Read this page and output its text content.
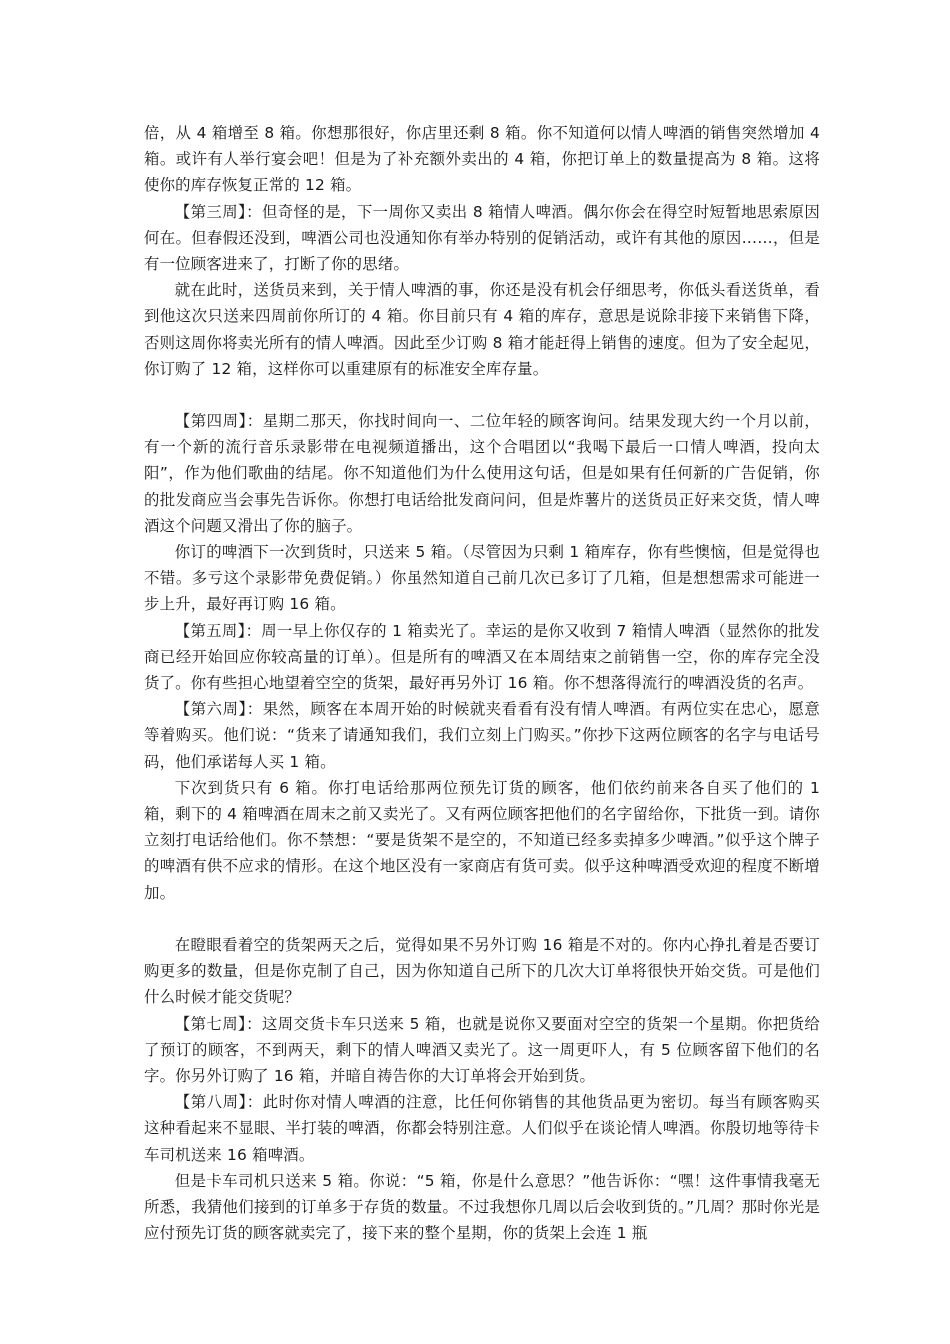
倍，从 4 箱增至 8 箱。你想那很好，你店里还剩 8 箱。你不知道何以情人啤酒的销售突然增加 4 箱。或许有人举行宴会吧！但是为了补充额外卖出的 4 箱，你把订单上的数量提高为 8 箱。这将使你的库存恢复正常的 12 箱。

【第三周】：但奇怪的是，下一周你又卖出 8 箱情人啤酒。偶尔你会在得空时短暂地思索原因何在。但春假还没到，啤酒公司也没通知你有举办特别的促销活动，或许有其他的原因……，但是有一位顾客进来了，打断了你的思绪。

就在此时，送货员来到，关于情人啤酒的事，你还是没有机会仔细思考，你低头看送货单，看到他这次只送来四周前你所订的 4 箱。你目前只有 4 箱的库存，意思是说除非接下来销售下降，否则这周你将卖光所有的情人啤酒。因此至少订购 8 箱才能赶得上销售的速度。但为了安全起见，你订购了 12 箱，这样你可以重建原有的标准安全库存量。

【第四周】：星期二那天，你找时间向一、二位年轻的顾客询问。结果发现大约一个月以前，有一个新的流行音乐录影带在电视频道播出，这个合唱团以“我喝下最后一口情人啤酒，投向太阳”，作为他们歌曲的结尾。你不知道他们为什么使用这句话，但是如果有任何新的广告促销，你的批发商应当会事先告诉你。你想打电话给批发商问问，但是炸薯片的送货员正好来交货，情人啤酒这个问题又滑出了你的脑子。

你订的啤酒下一次到货时，只送来 5 箱。（尽管因为只剩 1 箱库存，你有些懊恼，但是觉得也不错。多亏这个录影带免费促销。）你虽然知道自己前几次已多订了几箱，但是想想需求可能进一步上升，最好再订购 16 箱。

【第五周】：周一早上你仅存的 1 箱卖光了。幸运的是你又收到 7 箱情人啤酒（显然你的批发商已经开始回应你较高量的订单）。但是所有的啤酒又在本周结束之前销售一空，你的库存完全没货了。你有些担心地望着空空的货架，最好再另外订 16 箱。你不想落得流行的啤酒没货的名声。

【第六周】：果然，顾客在本周开始的时候就夹看看有没有情人啤酒。有两位实在忠心，愿意等着购买。他们说：“货来了请通知我们，我们立刻上门购买。”你抄下这两位顾客的名字与电话号码，他们承诺每人买 1 箱。

下次到货只有 6 箱。你打电话给那两位预先订货的顾客，他们依约前来各自买了他们的 1 箱，剩下的 4 箱啤酒在周末之前又卖光了。又有两位顾客把他们的名字留给你，下批货一到。请你立刻打电话给他们。你不禁想：“要是货架不是空的，不知道已经多卖掉多少啤酒。”似乎这个牌子的啤酒有供不应求的情形。在这个地区没有一家商店有货可卖。似乎这种啤酒受欢迎的程度不断增加。

在瞪眼看着空的货架两天之后，觉得如果不另外订购 16 箱是不对的。你内心挣扎着是否要订购更多的数量，但是你克制了自己，因为你知道自己所下的几次大订单将很快开始交货。可是他们什么时候才能交货呢？

【第七周】：这周交货卡车只送来 5 箱，也就是说你又要面对空空的货架一个星期。你把货给了预订的顾客，不到两天，剩下的情人啤酒又卖光了。这一周更吓人，有 5 位顾客留下他们的名字。你另外订购了 16 箱，并暗自祷告你的大订单将会开始到货。

【第八周】：此时你对情人啤酒的注意，比任何你销售的其他货品更为密切。每当有顾客购买这种看起来不显眼、半打装的啤酒，你都会特别注意。人们似乎在谈论情人啤酒。你殷切地等待卡车司机送来 16 箱啤酒。

但是卡车司机只送来 5 箱。你说：“5 箱，你是什么意思？”他告诉你：“嘿！这件事情我毫无所悉，我猜他们接到的订单多于存货的数量。不过我想你几周以后会收到货的。”几周？那时你光是应付预先订货的顾客就卖完了，接下来的整个星期，你的货架上会连 1 瓶
